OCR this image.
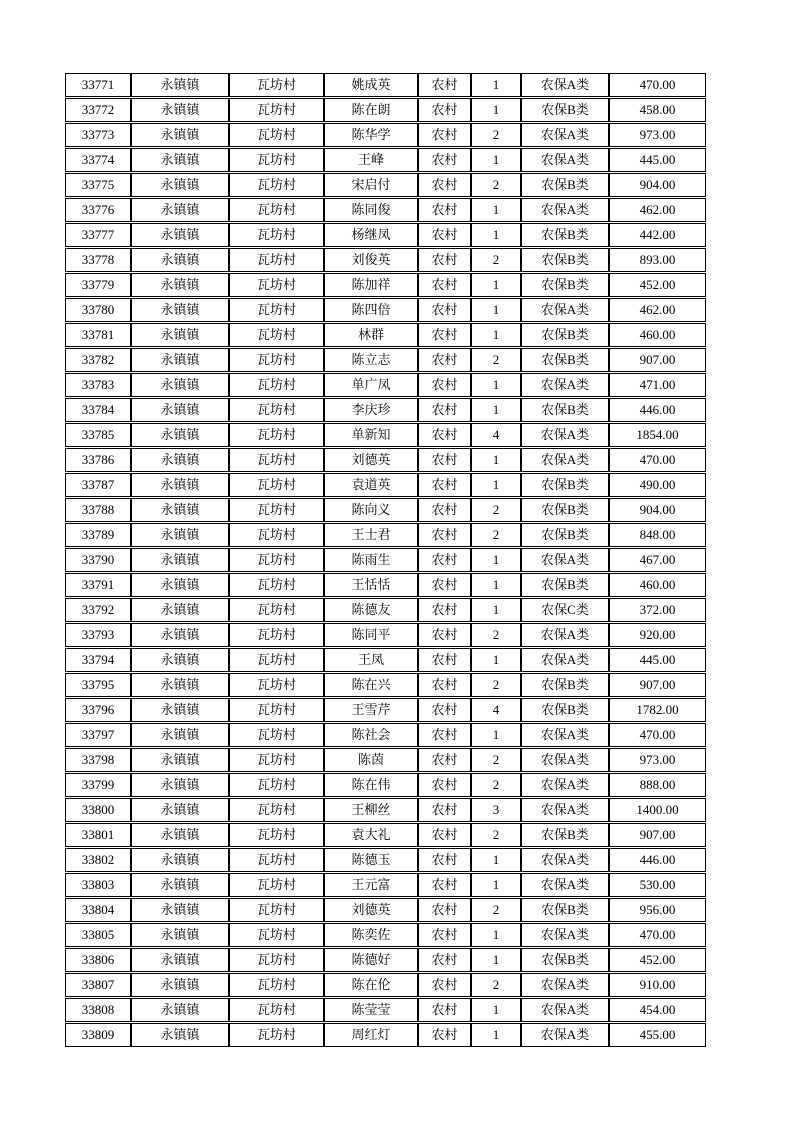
33771	永镇镇	瓦坊村	姚成英	农村	1	农保A类	470.00
33772	永镇镇	瓦坊村	陈在朗	农村	1	农保B类	458.00
33773	永镇镇	瓦坊村	陈华学	农村	2	农保A类	973.00
33774	永镇镇	瓦坊村	王峰	农村	1	农保A类	445.00
33775	永镇镇	瓦坊村	宋启付	农村	2	农保B类	904.00
33776	永镇镇	瓦坊村	陈同俊	农村	1	农保A类	462.00
33777	永镇镇	瓦坊村	杨继凤	农村	1	农保B类	442.00
33778	永镇镇	瓦坊村	刘俊英	农村	2	农保B类	893.00
33779	永镇镇	瓦坊村	陈加祥	农村	1	农保B类	452.00
33780	永镇镇	瓦坊村	陈四倍	农村	1	农保A类	462.00
33781	永镇镇	瓦坊村	林群	农村	1	农保B类	460.00
33782	永镇镇	瓦坊村	陈立志	农村	2	农保B类	907.00
33783	永镇镇	瓦坊村	单广凤	农村	1	农保A类	471.00
33784	永镇镇	瓦坊村	李庆珍	农村	1	农保B类	446.00
33785	永镇镇	瓦坊村	单新知	农村	4	农保A类	1854.00
33786	永镇镇	瓦坊村	刘德英	农村	1	农保A类	470.00
33787	永镇镇	瓦坊村	袁道英	农村	1	农保B类	490.00
33788	永镇镇	瓦坊村	陈向义	农村	2	农保B类	904.00
33789	永镇镇	瓦坊村	王士君	农村	2	农保B类	848.00
33790	永镇镇	瓦坊村	陈雨生	农村	1	农保A类	467.00
33791	永镇镇	瓦坊村	王恬恬	农村	1	农保B类	460.00
33792	永镇镇	瓦坊村	陈德友	农村	1	农保C类	372.00
33793	永镇镇	瓦坊村	陈同平	农村	2	农保A类	920.00
33794	永镇镇	瓦坊村	王凤	农村	1	农保A类	445.00
33795	永镇镇	瓦坊村	陈在兴	农村	2	农保B类	907.00
33796	永镇镇	瓦坊村	王雪芹	农村	4	农保B类	1782.00
33797	永镇镇	瓦坊村	陈社会	农村	1	农保A类	470.00
33798	永镇镇	瓦坊村	陈茵	农村	2	农保A类	973.00
33799	永镇镇	瓦坊村	陈在伟	农村	2	农保A类	888.00
33800	永镇镇	瓦坊村	王柳丝	农村	3	农保A类	1400.00
33801	永镇镇	瓦坊村	袁大礼	农村	2	农保B类	907.00
33802	永镇镇	瓦坊村	陈德玉	农村	1	农保A类	446.00
33803	永镇镇	瓦坊村	王元富	农村	1	农保A类	530.00
33804	永镇镇	瓦坊村	刘德英	农村	2	农保B类	956.00
33805	永镇镇	瓦坊村	陈奕佐	农村	1	农保A类	470.00
33806	永镇镇	瓦坊村	陈德好	农村	1	农保B类	452.00
33807	永镇镇	瓦坊村	陈在伦	农村	2	农保A类	910.00
33808	永镇镇	瓦坊村	陈莹莹	农村	1	农保A类	454.00
33809	永镇镇	瓦坊村	周红灯	农村	1	农保A类	455.00
